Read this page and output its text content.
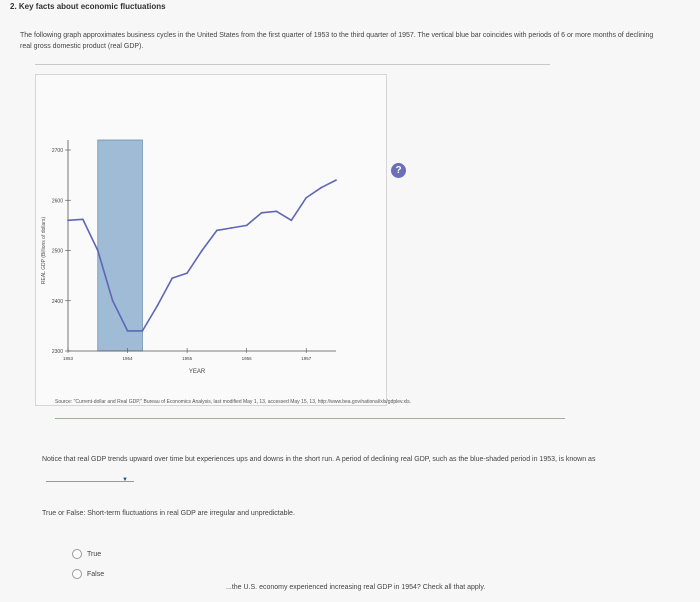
2. Key facts about economic fluctuations
The following graph approximates business cycles in the United States from the first quarter of 1953 to the third quarter of 1957. The vertical blue bar coincides with periods of 6 or more months of declining real gross domestic product (real GDP).
?
2300
2400
2500
2600
2700
1953	1954	1955	1956	1957
YEAR
REAL GDP (Billions of dollars)
Source: "Current-dollar and Real GDP," Bureau of Economics Analysis, last modified May 1, 13, accessed May 15, 13, http://www.bea.gov/national/xls/gdplev.xls.
Notice that real GDP trends upward over time but experiences ups and downs in the short run. A period of declining real GDP, such as the blue-shaded period in 1953, is known as
▼
True or False: Short-term fluctuations in real GDP are irregular and unpredictable.
True
False
...the U.S. economy experienced increasing real GDP in 1954? Check all that apply.
